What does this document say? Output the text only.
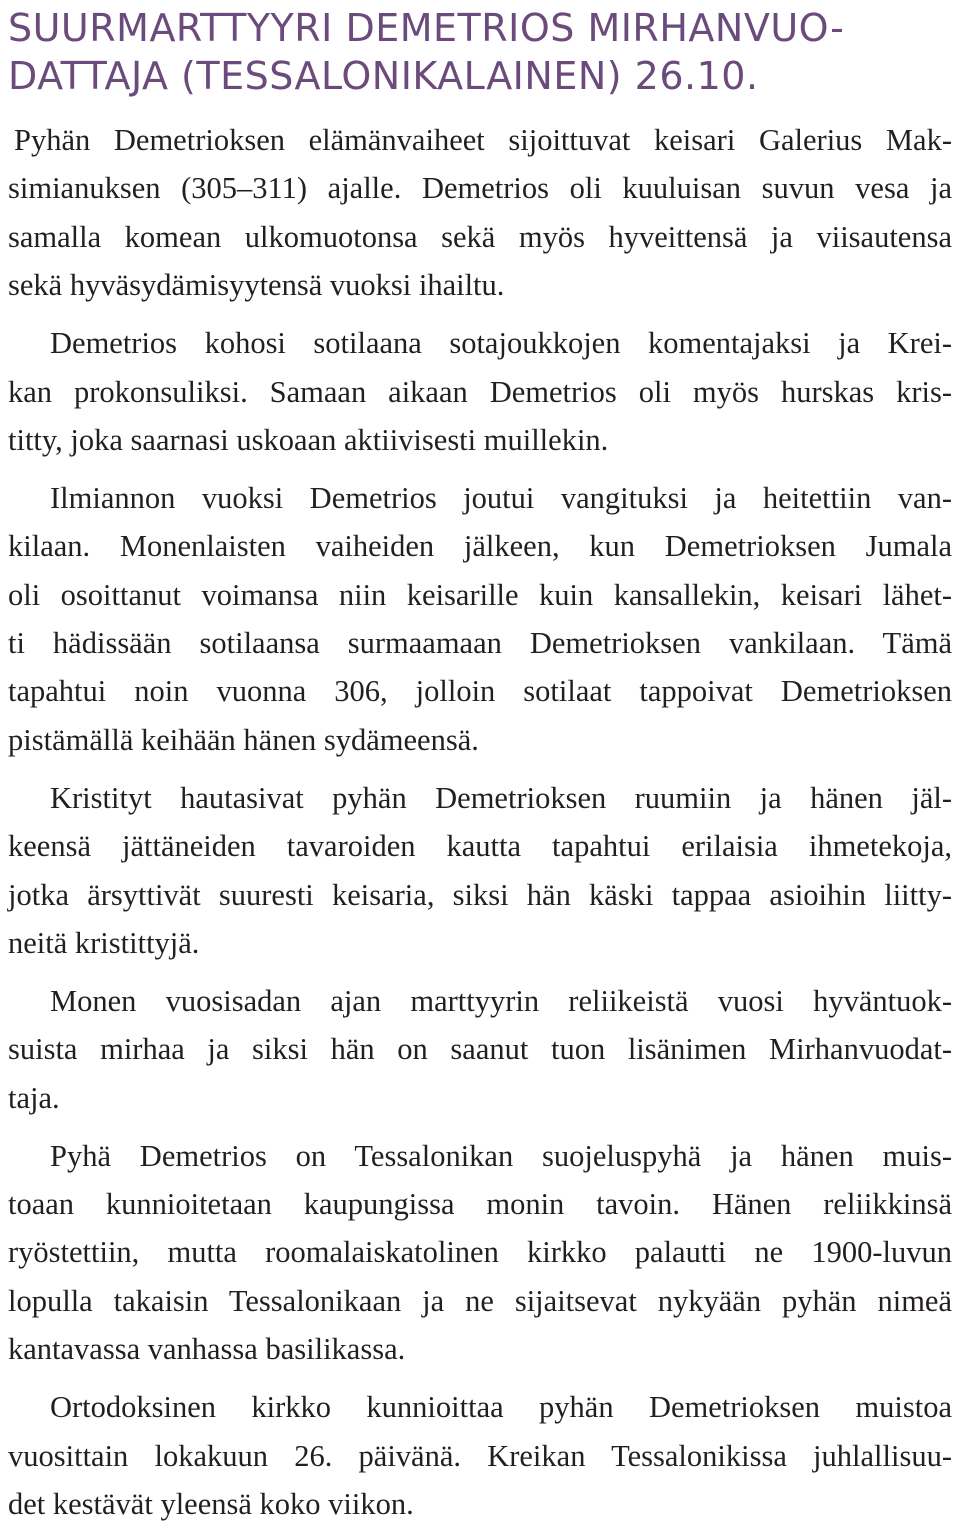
SUURMARTTYYRI DEMETRIOS MIRHANVUO-
DATTAJA (TESSALONIKALAINEN) 26.10.

Pyhän Demetrioksen elämänvaiheet sijoittuvat keisari Galerius Mak-
simianuksen (305–311) ajalle. Demetrios oli kuuluisan suvun vesa ja
samalla komean ulkomuotonsa sekä myös hyveittensä ja viisautensa
sekä hyväsydämisyytensä vuoksi ihailtu.

Demetrios kohosi sotilaana sotajoukkojen komentajaksi ja Krei-
kan prokonsuliksi. Samaan aikaan Demetrios oli myös hurskas kris-
titty, joka saarnasi uskoaan aktiivisesti muillekin.

Ilmiannon vuoksi Demetrios joutui vangituksi ja heitettiin van-
kilaan. Monenlaisten vaiheiden jälkeen, kun Demetrioksen Jumala
oli osoittanut voimansa niin keisarille kuin kansallekin, keisari lähet-
ti hädissään sotilaansa surmaamaan Demetrioksen vankilaan. Tämä
tapahtui noin vuonna 306, jolloin sotilaat tappoivat Demetrioksen
pistämällä keihään hänen sydämeensä.

Kristityt hautasivat pyhän Demetrioksen ruumiin ja hänen jäl-
keensä jättäneiden tavaroiden kautta tapahtui erilaisia ihmetekoja,
jotka ärsyttivät suuresti keisaria, siksi hän käski tappaa asioihin liitty-
neitä kristittyjä.

Monen vuosisadan ajan marttyyrin reliikeistä vuosi hyväntuok-
suista mirhaa ja siksi hän on saanut tuon lisänimen Mirhanvuodat-
taja.

Pyhä Demetrios on Tessalonikan suojeluspyhä ja hänen muis-
toaan kunnioitetaan kaupungissa monin tavoin. Hänen reliikkinsä
ryöstettiin, mutta roomalaiskatolinen kirkko palautti ne 1900-luvun
lopulla takaisin Tessalonikaan ja ne sijaitsevat nykyään pyhän nimeä
kantavassa vanhassa basilikassa.

Ortodoksinen kirkko kunnioittaa pyhän Demetrioksen muistoa
vuosittain lokakuun 26. päivänä. Kreikan Tessalonikissa juhlallisuu-
det kestävät yleensä koko viikon.
